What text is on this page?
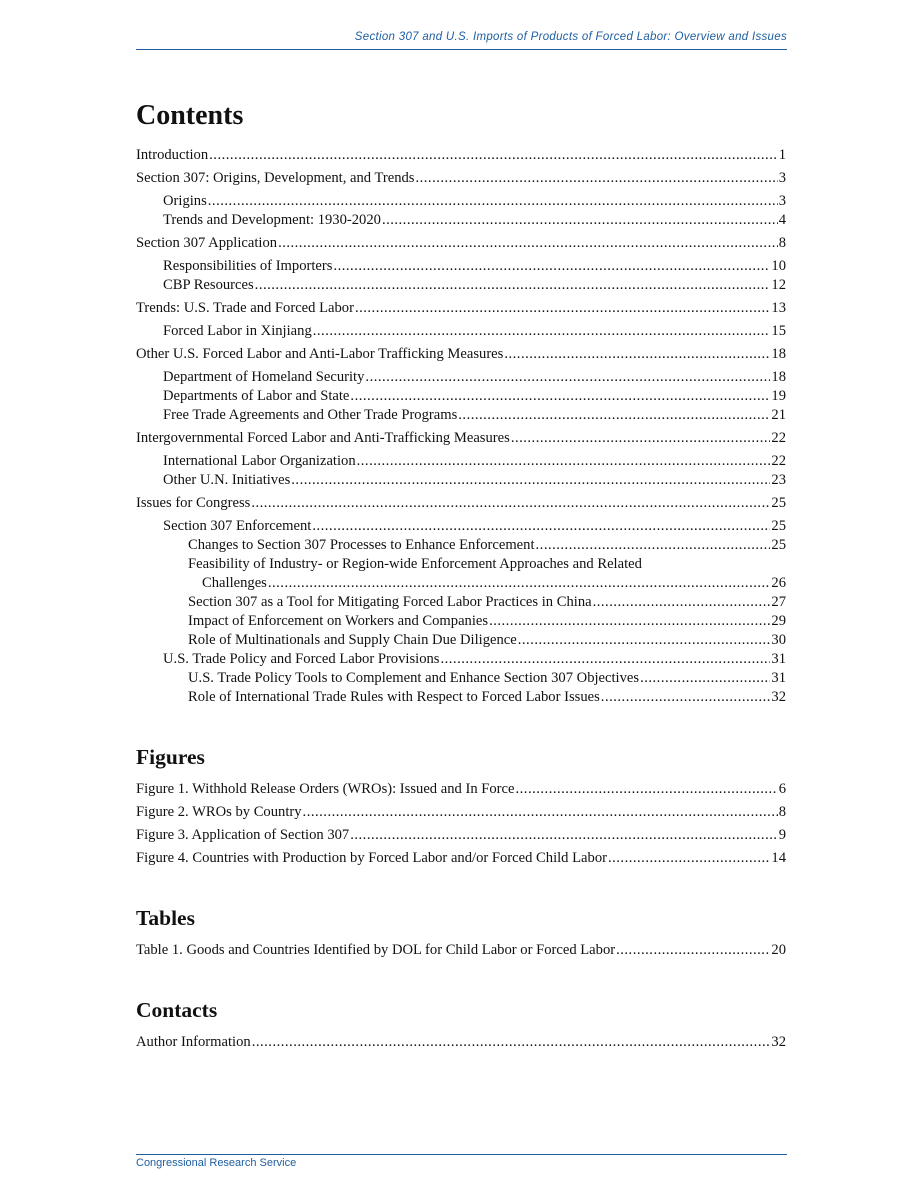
Section 307 and U.S. Imports of Products of Forced Labor: Overview and Issues
Contents
Introduction .....	1
Section 307: Origins, Development, and Trends .....	3
Origins .....	3
Trends and Development: 1930-2020 .....	4
Section 307 Application .....	8
Responsibilities of Importers .....	10
CBP Resources .....	12
Trends: U.S. Trade and Forced Labor .....	13
Forced Labor in Xinjiang .....	15
Other U.S. Forced Labor and Anti-Labor Trafficking Measures .....	18
Department of Homeland Security .....	18
Departments of Labor and State .....	19
Free Trade Agreements and Other Trade Programs .....	21
Intergovernmental Forced Labor and Anti-Trafficking Measures .....	22
International Labor Organization .....	22
Other U.N. Initiatives .....	23
Issues for Congress .....	25
Section 307 Enforcement .....	25
Changes to Section 307 Processes to Enhance Enforcement .....	25
Feasibility of Industry- or Region-wide Enforcement Approaches and Related
Challenges .....	26
Section 307 as a Tool for Mitigating Forced Labor Practices in China .....	27
Impact of Enforcement on Workers and Companies .....	29
Role of Multinationals and Supply Chain Due Diligence .....	30
U.S. Trade Policy and Forced Labor Provisions .....	31
U.S. Trade Policy Tools to Complement and Enhance Section 307 Objectives .....	31
Role of International Trade Rules with Respect to Forced Labor Issues .....	32
Figures
Figure 1. Withhold Release Orders (WROs): Issued and In Force .....	6
Figure 2. WROs by Country .....	8
Figure 3. Application of Section 307 .....	9
Figure 4. Countries with Production by Forced Labor and/or Forced Child Labor .....	14
Tables
Table 1. Goods and Countries Identified by DOL for Child Labor or Forced Labor .....	20
Contacts
Author Information .....	32
Congressional Research Service
